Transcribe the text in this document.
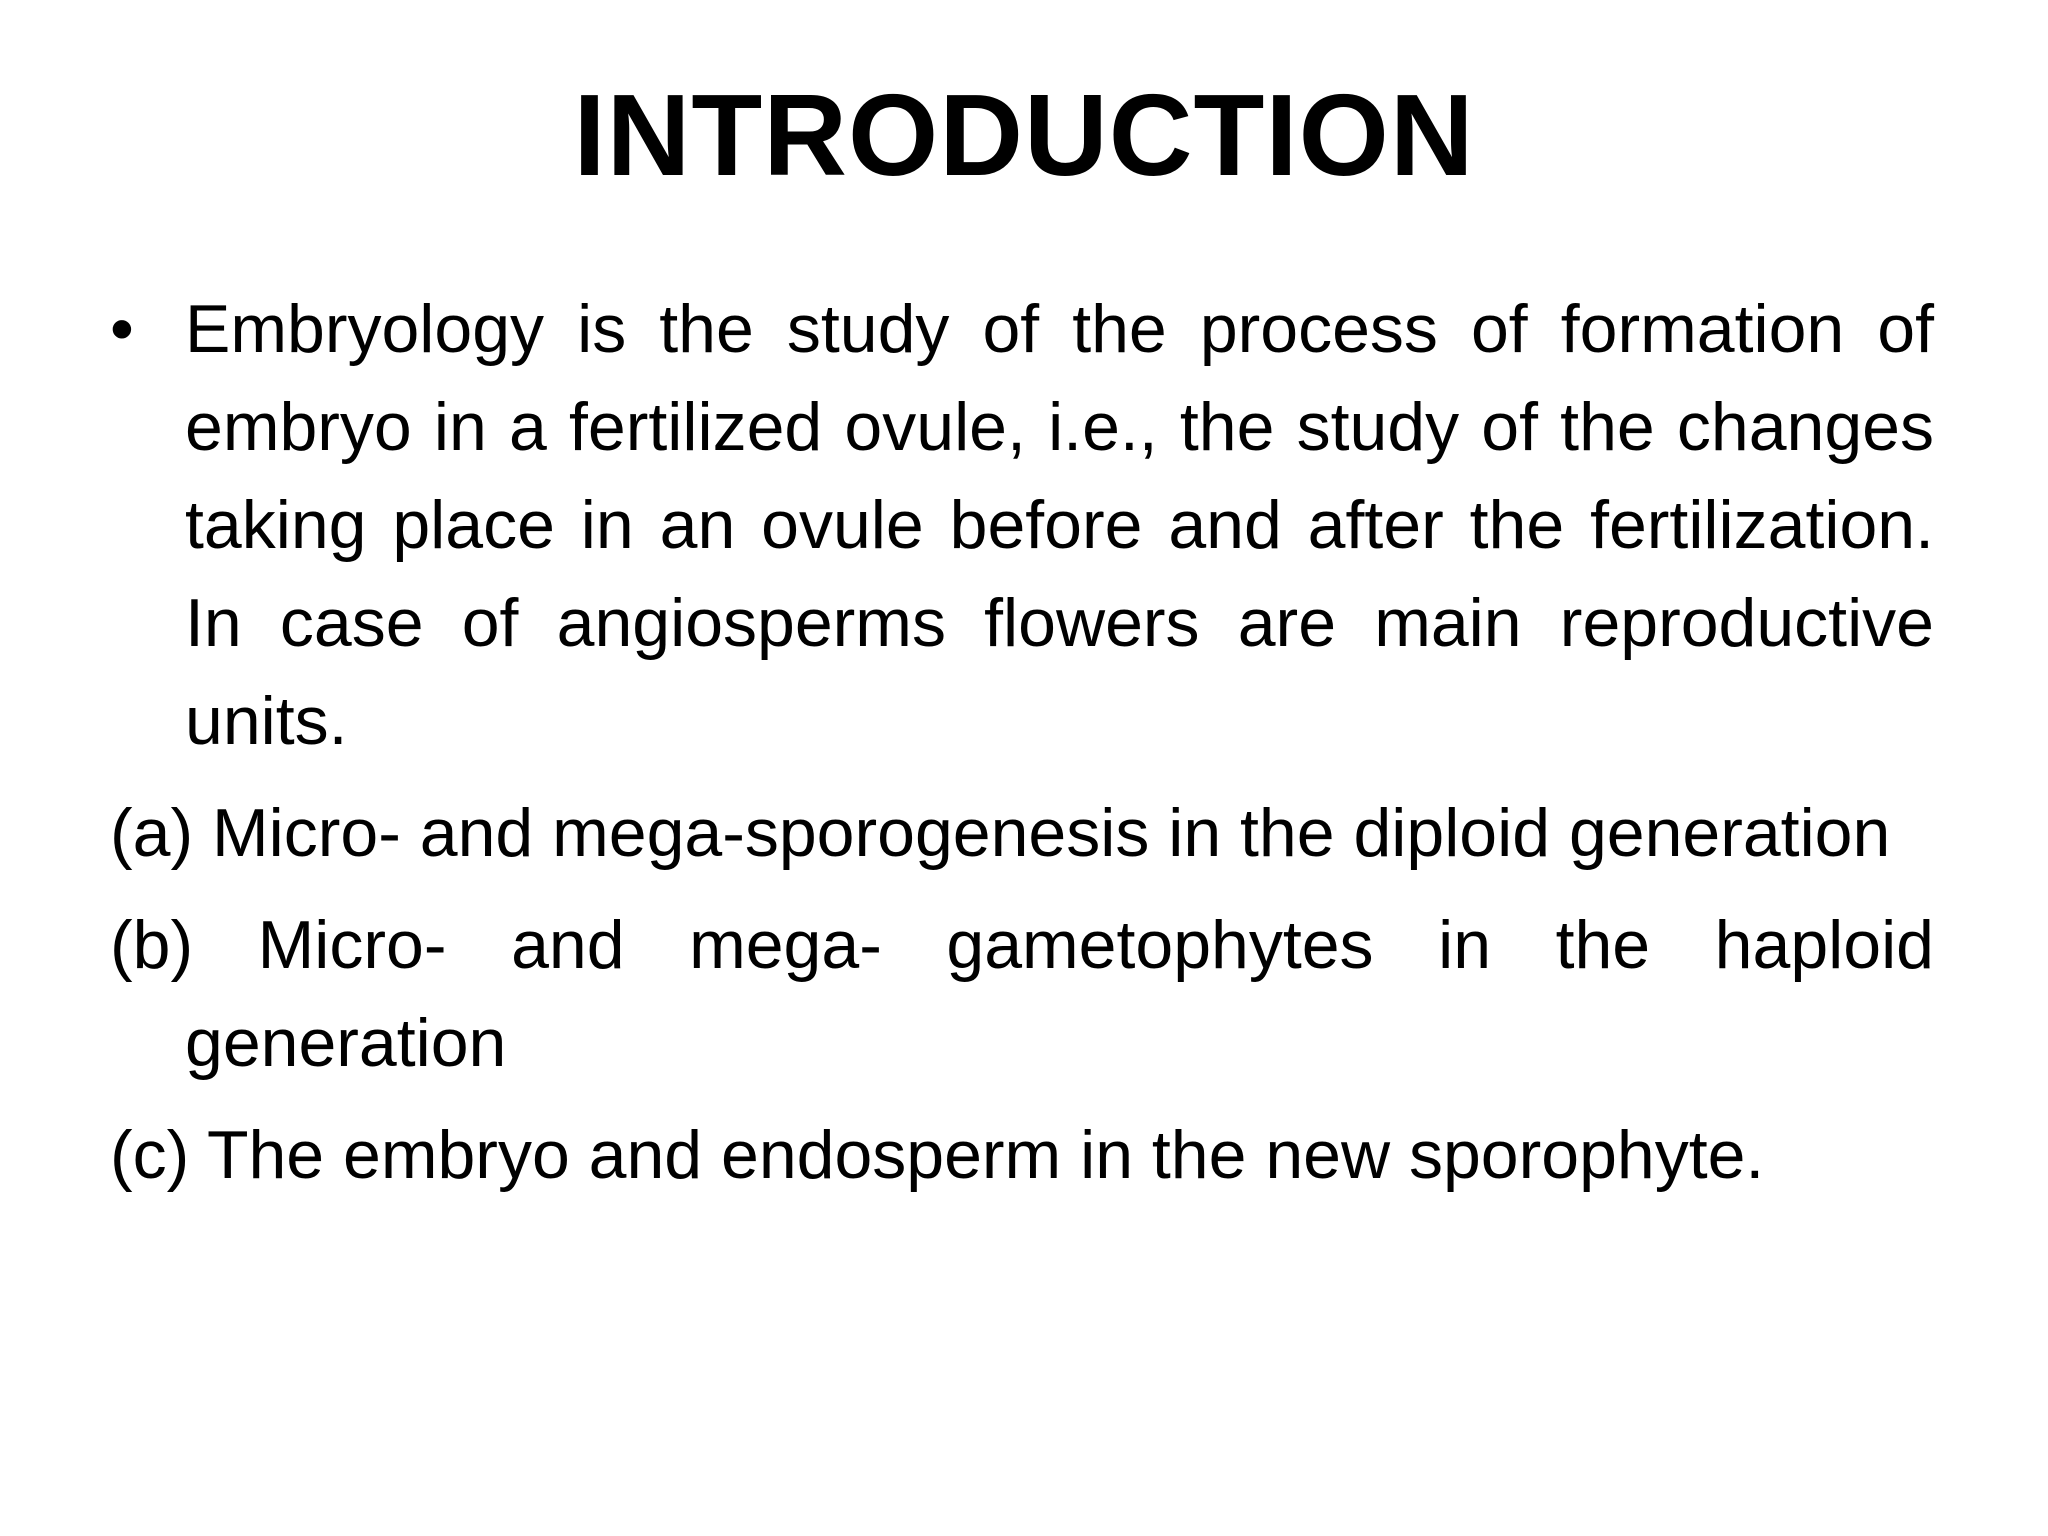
INTRODUCTION
• Embryology is the study of the process of formation of embryo in a fertilized ovule, i.e., the study of the changes taking place in an ovule before and after the fertilization. In case of angiosperms flowers are main reproductive units.
(a) Micro- and mega-sporogenesis in the diploid generation
(b) Micro- and mega- gametophytes in the haploid generation
(c) The embryo and endosperm in the new sporophyte.
